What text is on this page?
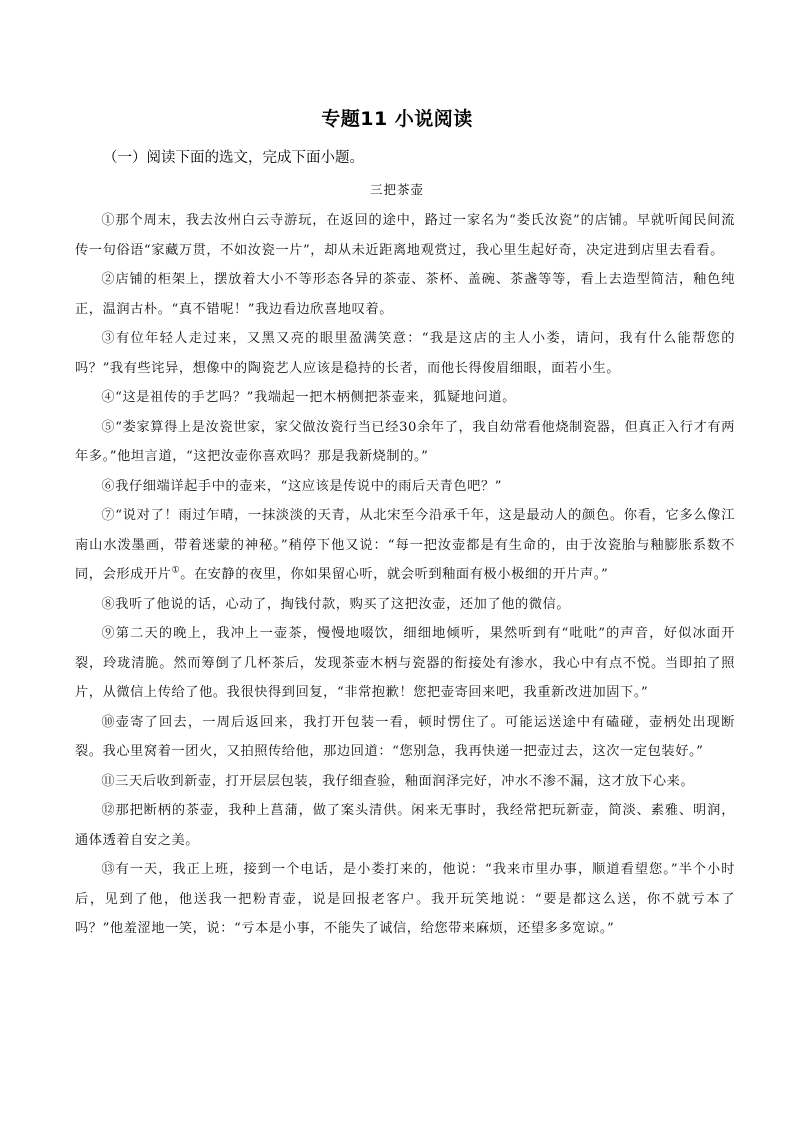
专题11 小说阅读
（一）阅读下面的选文，完成下面小题。
三把茶壶

①那个周末，我去汝州白云寺游玩，在返回的途中，路过一家名为“娄氏汝瓷”的店铺。早就听闻民间流传一句俗语“家藏万贯，不如汝瓷一片”，却从未近距离地观赏过，我心里生起好奇，决定进到店里去看看。

②店铺的柜架上，摆放着大小不等形态各异的茶壶、茶杯、盖碗、茶盏等等，看上去造型简洁，釉色纯正，温润古朴。“真不错呢！”我边看边欣喜地叹着。

③有位年轻人走过来，又黑又亮的眼里盈满笑意：“我是这店的主人小娄，请问，我有什么能帮您的吗？”我有些诧异，想像中的陶瓷艺人应该是稳持的长者，而他长得俊眉细眼，面若小生。

④“这是祖传的手艺吗？”我端起一把木柄侧把茶壶来，狐疑地问道。

⑤“娄家算得上是汝瓷世家，家父做汝瓷行当已经30余年了，我自幼常看他烧制瓷器，但真正入行才有两年多。”他坦言道，“这把汝壶你喜欢吗？那是我新烧制的。”

⑥我仔细端详起手中的壶来，“这应该是传说中的雨后天青色吧？”

⑦“说对了！雨过乍晴，一抹淡淡的天青，从北宋至今沿承千年，这是最动人的颜色。你看，它多么像江南山水泼墨画，带着迷蒙的神秘。”稍停下他又说：“每一把汝壶都是有生命的，由于汝瓷胎与釉膨胀系数不同，会形成开片①。在安静的夜里，你如果留心听，就会听到釉面有极小极细的开片声。”

⑧我听了他说的话，心动了，掏钱付款，购买了这把汝壶，还加了他的微信。

⑨第二天的晚上，我冲上一壶茶，慢慢地啜饮，细细地倾听，果然听到有“吡吡”的声音，好似冰面开裂，玲珑清脆。然而筹倒了几杯茶后，发现茶壶木柄与瓷器的衔接处有渗水，我心中有点不悦。当即拍了照片，从微信上传给了他。我很快得到回复，“非常抱歉！您把壶寄回来吧，我重新改进加固下。”

⑩壶寄了回去，一周后返回来，我打开包装一看，顿时愣住了。可能运送途中有磕碰，壶柄处出现断裂。我心里窝着一团火，又拍照传给他，那边回道：“您别急，我再快递一把壶过去，这次一定包装好。”

⑪三天后收到新壶，打开层层包装，我仔细查验，釉面润泽完好，冲水不渗不漏，这才放下心来。

⑫那把断柄的茶壶，我种上菖蒲，做了案头清供。闲来无事时，我经常把玩新壶，简淡、素雅、明润，通体透着自安之美。

⑬有一天，我正上班，接到一个电话，是小娄打来的，他说：“我来市里办事，顺道看望您。”半个小时后，见到了他，他送我一把粉青壶，说是回报老客户。我开玩笑地说：“要是都这么送，你不就亏本了吗？”他羞涩地一笑，说：“亏本是小事，不能失了诚信，给您带来麻烦，还望多多宽谅。”
